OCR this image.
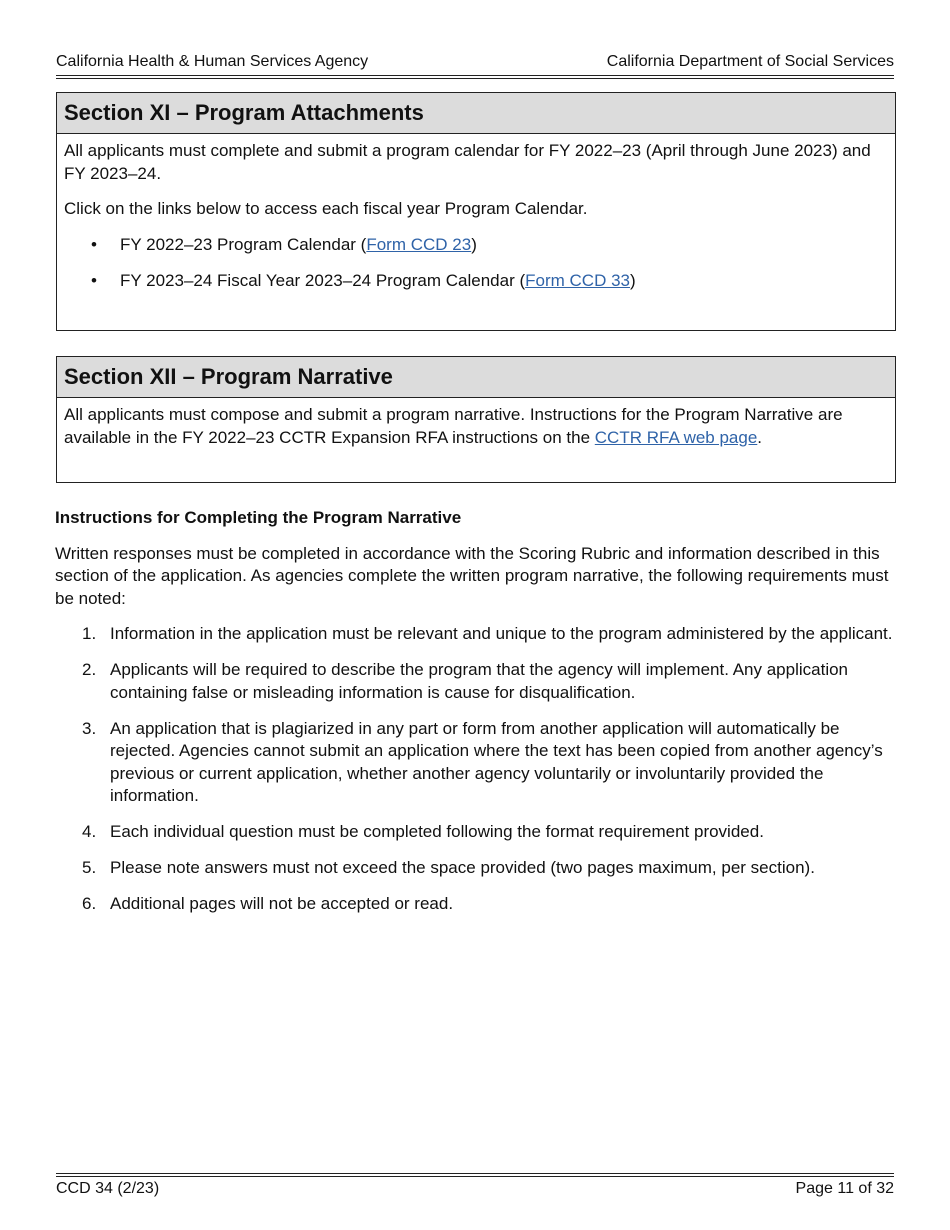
California Health & Human Services Agency	California Department of Social Services
Section XI – Program Attachments

All applicants must complete and submit a program calendar for FY 2022–23 (April through June 2023) and FY 2023–24.

Click on the links below to access each fiscal year Program Calendar.

• FY 2022–23 Program Calendar (Form CCD 23)
• FY 2023–24 Fiscal Year 2023–24 Program Calendar (Form CCD 33)
Section XII – Program Narrative

All applicants must compose and submit a program narrative. Instructions for the Program Narrative are available in the FY 2022–23 CCTR Expansion RFA instructions on the CCTR RFA web page.

Instructions for Completing the Program Narrative

Written responses must be completed in accordance with the Scoring Rubric and information described in this section of the application. As agencies complete the written program narrative, the following requirements must be noted:

1. Information in the application must be relevant and unique to the program administered by the applicant.
2. Applicants will be required to describe the program that the agency will implement. Any application containing false or misleading information is cause for disqualification.
3. An application that is plagiarized in any part or form from another application will automatically be rejected. Agencies cannot submit an application where the text has been copied from another agency’s previous or current application, whether another agency voluntarily or involuntarily provided the information.
4. Each individual question must be completed following the format requirement provided.
5. Please note answers must not exceed the space provided (two pages maximum, per section).
6. Additional pages will not be accepted or read.
CCD 34 (2/23)	Page 11 of 32
